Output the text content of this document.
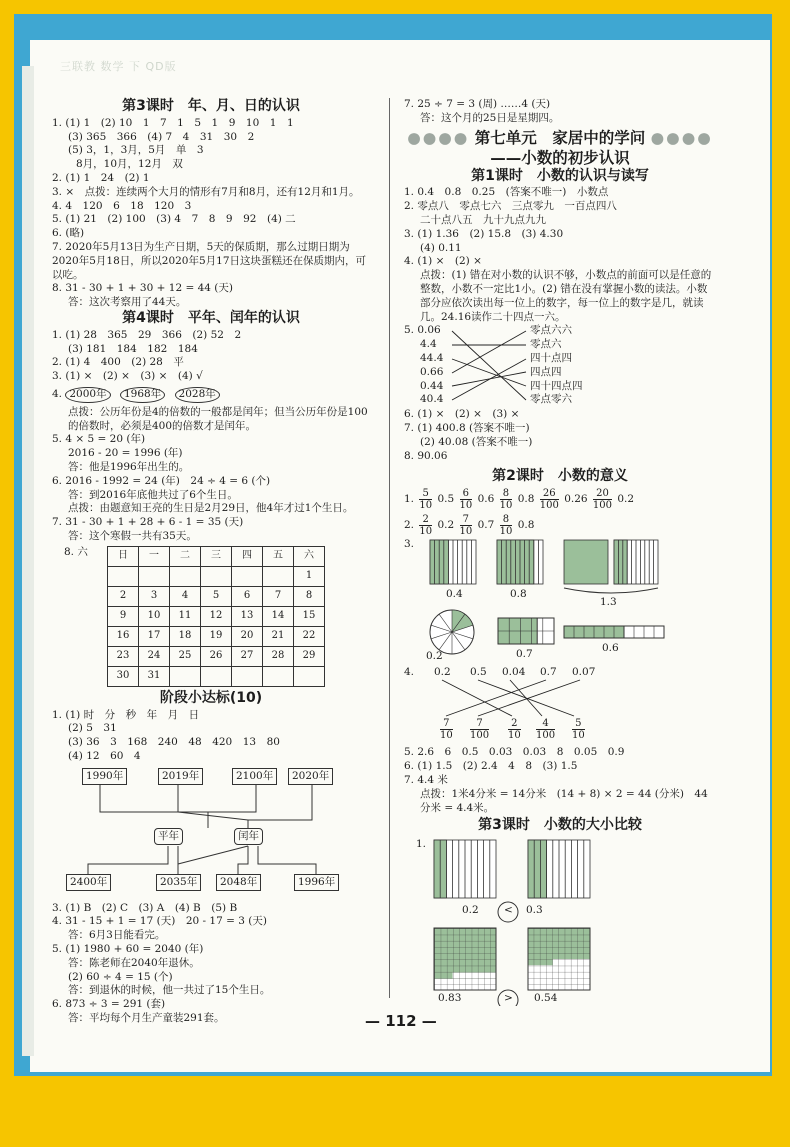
三联教 数学 下 QD版
第3课时　年、月、日的认识
1. (1) 1　(2) 10　1　7　1　5　1　9　10　1　1
(3) 365　366　(4) 7　4　31　30　2
(5) 3，1，3月，5月　单　3
8月，10月，12月　双
2. (1) 1　24　(2) 1
3. ×　点拨：连续两个大月的情形有7月和8月，还有12月和1月。
4. 4　120　6　18　120　3
5. (1) 21　(2) 100　(3) 4　7　8　9　92　(4) 二
6. (略)
7. 2020年5月13日为生产日期，5天的保质期，那么过期日期为2020年5月18日，所以2020年5月17日这块蛋糕还在保质期内，可以吃。
8. 31 - 30 + 1 + 30 + 12 = 44 (天)
答：这次考察用了44天。
第4课时　平年、闰年的认识
1. (1) 28　365　29　366　(2) 52　2
(3) 181　184　182　184
2. (1) 4　400　(2) 28　平
3. (1) ×　(2) ×　(3) ×　(4) √
4. 2000年 1968年 2028年
点拨：公历年份是4的倍数的一般都是闰年；但当公历年份是100的倍数时，必须是400的倍数才是闰年。
5. 4 × 5 = 20 (年)
2016 - 20 = 1996 (年)
答：他是1996年出生的。
6. 2016 - 1992 = 24 (年)　24 ÷ 4 = 6 (个)
答：到2016年底他共过了6个生日。
点拨：由题意知王亮的生日是2月29日，他4年才过1个生日。
7. 31 - 30 + 1 + 28 + 6 - 1 = 35 (天)
答：这个寒假一共有35天。
8. 六	日	一	二	三	四	五	六
						1
2	3	4	5	6	7	8
9	10	11	12	13	14	15
16	17	18	19	20	21	22
23	24	25	26	27	28	29
30	31					
阶段小达标(10)
1. (1) 时　分　秒　年　月　日
(2) 5　31
(3) 36　3　168　240　48　420　13　80
(4) 12　60　4
1990年	2019年	2100年	2020年
平年	闰年
2400年	2035年	2048年	1996年
3. (1) B　(2) C　(3) A　(4) B　(5) B
4. 31 - 15 + 1 = 17 (天)　20 - 17 = 3 (天)
答：6月3日能看完。
5. (1) 1980 + 60 = 2040 (年)
答：陈老师在2040年退休。
(2) 60 ÷ 4 = 15 (个)
答：到退休的时候，他一共过了15个生日。
6. 873 ÷ 3 = 291 (套)
答：平均每个月生产童装291套。
7. 25 ÷ 7 = 3 (周) ……4 (天)
答：这个月的25日是星期四。
●●●● 第七单元　家居中的学问 ●●●●
——小数的初步认识
第1课时　小数的认识与读写
1. 0.4　0.8　0.25　(答案不唯一)　小数点
2. 零点八　零点七六　三点零九　一百点四八
二十点八五　九十九点九九
3. (1) 1.36　(2) 15.8　(3) 4.30
(4) 0.11
4. (1) ×　(2) ×
点拨：(1) 错在对小数的认识不够，小数点的前面可以是任意的整数，小数不一定比1小。(2) 错在没有掌握小数的读法。小数部分应依次读出每一位上的数字，每一位上的数字是几，就读几。24.16读作二十四点一六。
5. 0.06
4.4
44.4
0.66
0.44
40.4
零点六六
零点六
四十点四
四点四
四十四点四
零点零六
6. (1) ×　(2) ×　(3) ×
7. (1) 400.8 (答案不唯一)
(2) 40.08 (答案不唯一)
8. 90.06
第2课时　小数的意义
1. $\frac{5}{10} 0.5 \frac{6}{10} 0.6 \frac{8}{10} 0.8 \frac{26}{100} 0.26 \frac{20}{100} 0.2$
2. $\frac{2}{10} 0.2 \frac{7}{10} 0.7 \frac{8}{10} 0.8$
3.
0.4	0.8
1.3
0.2	0.7	0.6
4. 0.2 0.5 0.04 0.7 0.07
$\frac{7}{10} \frac{7}{100} \frac{2}{10} \frac{4}{100} \frac{5}{10}$
5. 2.6　6　0.5　0.03　0.03　8　0.05　0.9
6. (1) 1.5　(2) 2.4　4　8　(3) 1.5
7. 4.4 米
点拨：1米4分米 = 14分米　(14 + 8) × 2 = 44 (分米)　44分米 = 4.4米。
第3课时　小数的大小比较
1.
0.2 < 0.3
0.83	> 0.54
— 112 —
